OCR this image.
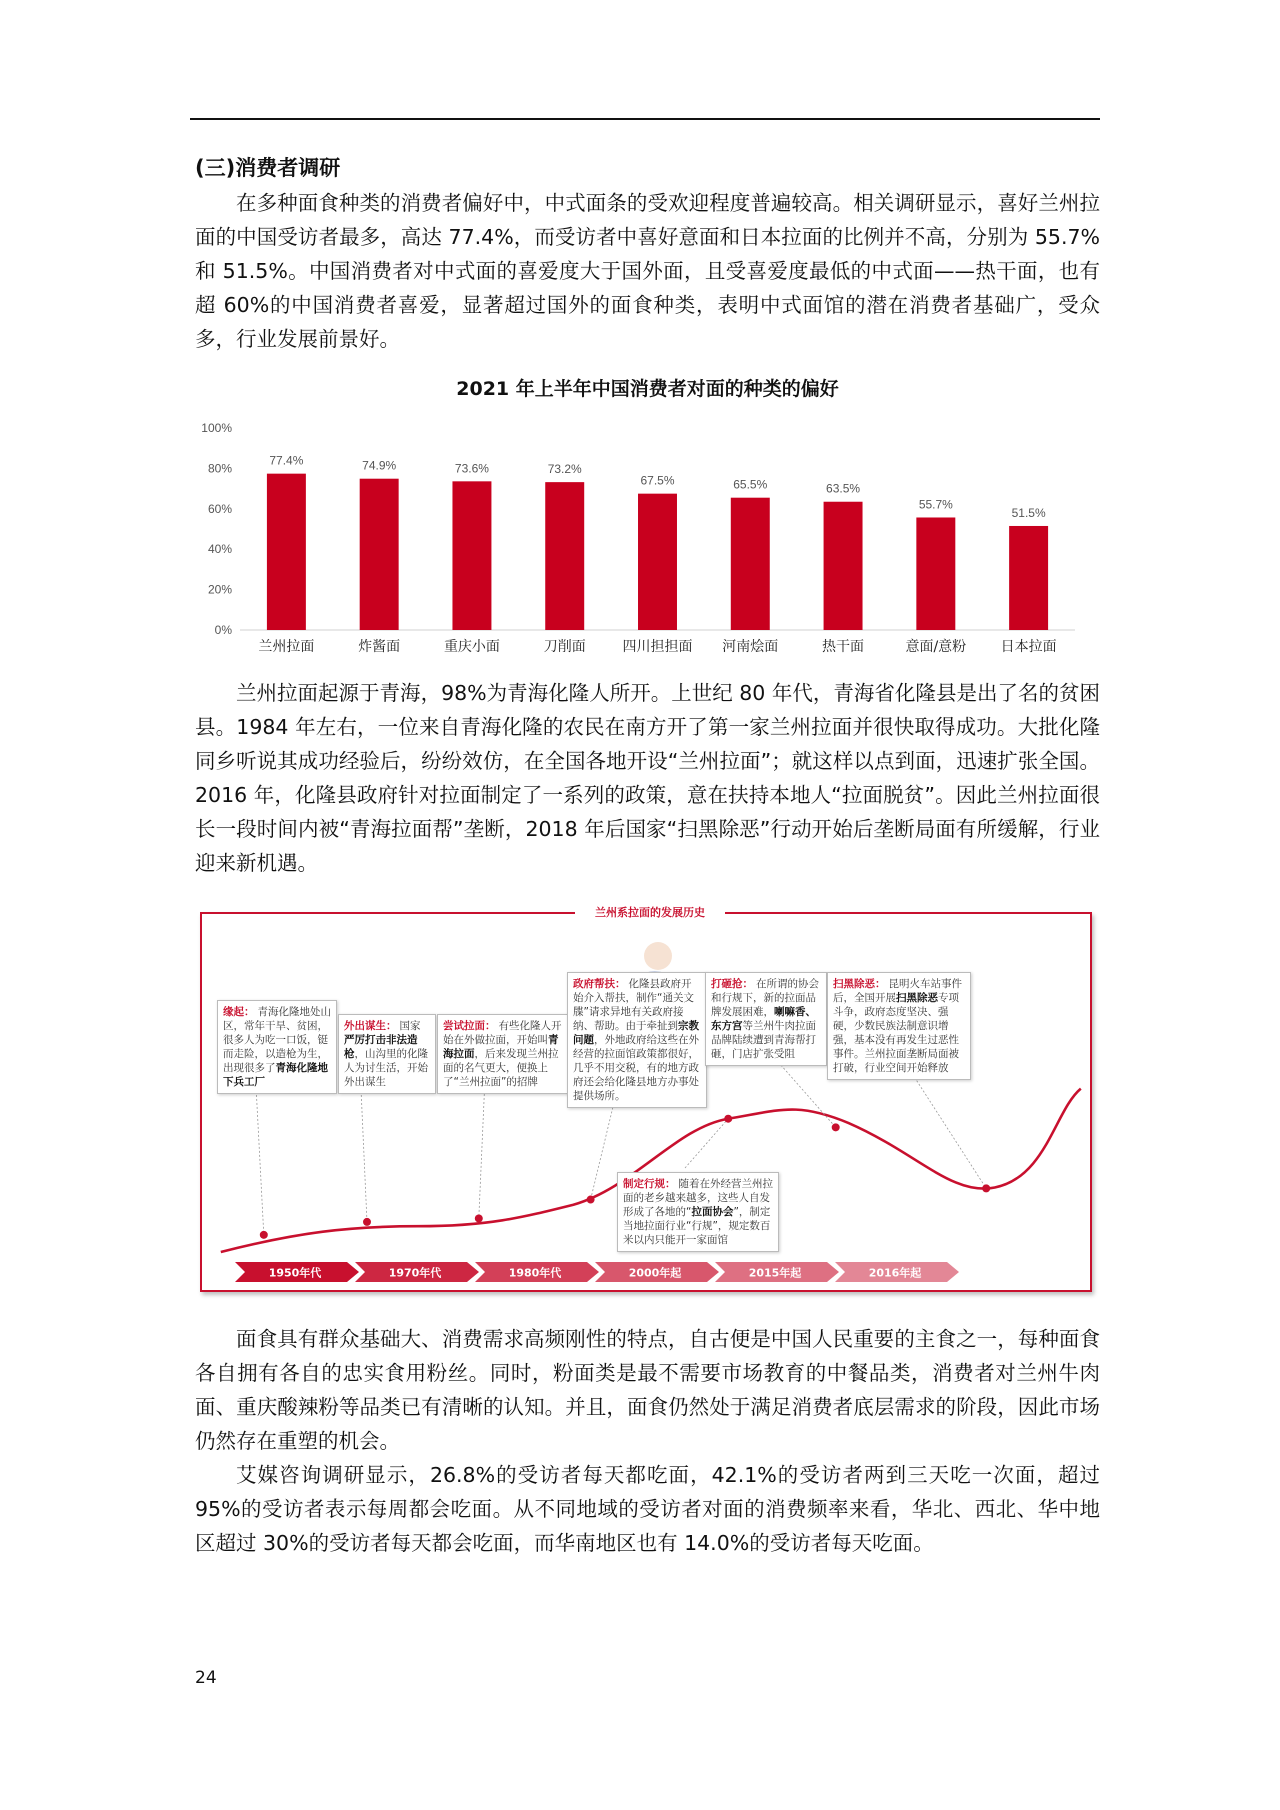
(三)消费者调研

在多种面食种类的消费者偏好中，中式面条的受欢迎程度普遍较高。相关调研显示，喜好兰州拉面的中国受访者最多，高达 77.4%，而受访者中喜好意面和日本拉面的比例并不高，分别为 55.7%和 51.5%。中国消费者对中式面的喜爱度大于国外面，且受喜爱度最低的中式面——热干面，也有超 60%的中国消费者喜爱，显著超过国外的面食种类，表明中式面馆的潜在消费者基础广，受众多，行业发展前景好。

2021 年上半年中国消费者对面的种类的偏好
0%
20%
40%
60%
80%
100%
77.4%
兰州拉面
74.9%
炸酱面
73.6%
重庆小面
73.2%
刀削面
67.5%
四川担担面
65.5%
河南烩面
63.5%
热干面
55.7%
意面/意粉
51.5%
日本拉面

兰州拉面起源于青海，98%为青海化隆人所开。上世纪 80 年代，青海省化隆县是出了名的贫困县。1984 年左右，一位来自青海化隆的农民在南方开了第一家兰州拉面并很快取得成功。大批化隆同乡听说其成功经验后，纷纷效仿，在全国各地开设“兰州拉面”；就这样以点到面，迅速扩张全国。2016 年，化隆县政府针对拉面制定了一系列的政策，意在扶持本地人“拉面脱贫”。因此兰州拉面很长一段时间内被“青海拉面帮”垄断，2018 年后国家“扫黑除恶”行动开始后垄断局面有所缓解，行业迎来新机遇。

兰州系拉面的发展历史
1950年代	1970年代	1980年代	2000年起	2015年起	2016年起
缘起： 青海化隆地处山区，常年干旱、贫困，很多人为吃一口饭，铤而走险，以造枪为生，出现很多了青海化隆地下兵工厂
外出谋生： 国家严厉打击非法造枪，山沟里的化隆人为讨生活，开始外出谋生
尝试拉面： 有些化隆人开始在外做拉面，开始叫青海拉面，后来发现兰州拉面的名气更大，便换上了“兰州拉面”的招牌
政府帮扶： 化隆县政府开始介入帮扶，制作“通关文牒”请求异地有关政府接纳、帮助。由于牵扯到宗教问题，外地政府给这些在外经营的拉面馆政策都很好，几乎不用交税，有的地方政府还会给化隆县地方办事处提供场所。
制定行规： 随着在外经营兰州拉面的老乡越来越多，这些人自发形成了各地的“拉面协会”，制定当地拉面行业“行规”，规定数百米以内只能开一家面馆
打砸抢： 在所谓的协会和行规下，新的拉面品牌发展困难，喇嘛香、东方宫等兰州牛肉拉面品牌陆续遭到青海帮打砸，门店扩张受阻
扫黑除恶： 昆明火车站事件后，全国开展扫黑除恶专项斗争，政府态度坚决、强硬，少数民族法制意识增强，基本没有再发生过恶性事件。兰州拉面垄断局面被打破，行业空间开始释放

面食具有群众基础大、消费需求高频刚性的特点，自古便是中国人民重要的主食之一，每种面食各自拥有各自的忠实食用粉丝。同时，粉面类是最不需要市场教育的中餐品类，消费者对兰州牛肉面、重庆酸辣粉等品类已有清晰的认知。并且，面食仍然处于满足消费者底层需求的阶段，因此市场仍然存在重塑的机会。

艾媒咨询调研显示，26.8%的受访者每天都吃面，42.1%的受访者两到三天吃一次面，超过 95%的受访者表示每周都会吃面。从不同地域的受访者对面的消费频率来看，华北、西北、华中地区超过 30%的受访者每天都会吃面，而华南地区也有 14.0%的受访者每天吃面。

24
